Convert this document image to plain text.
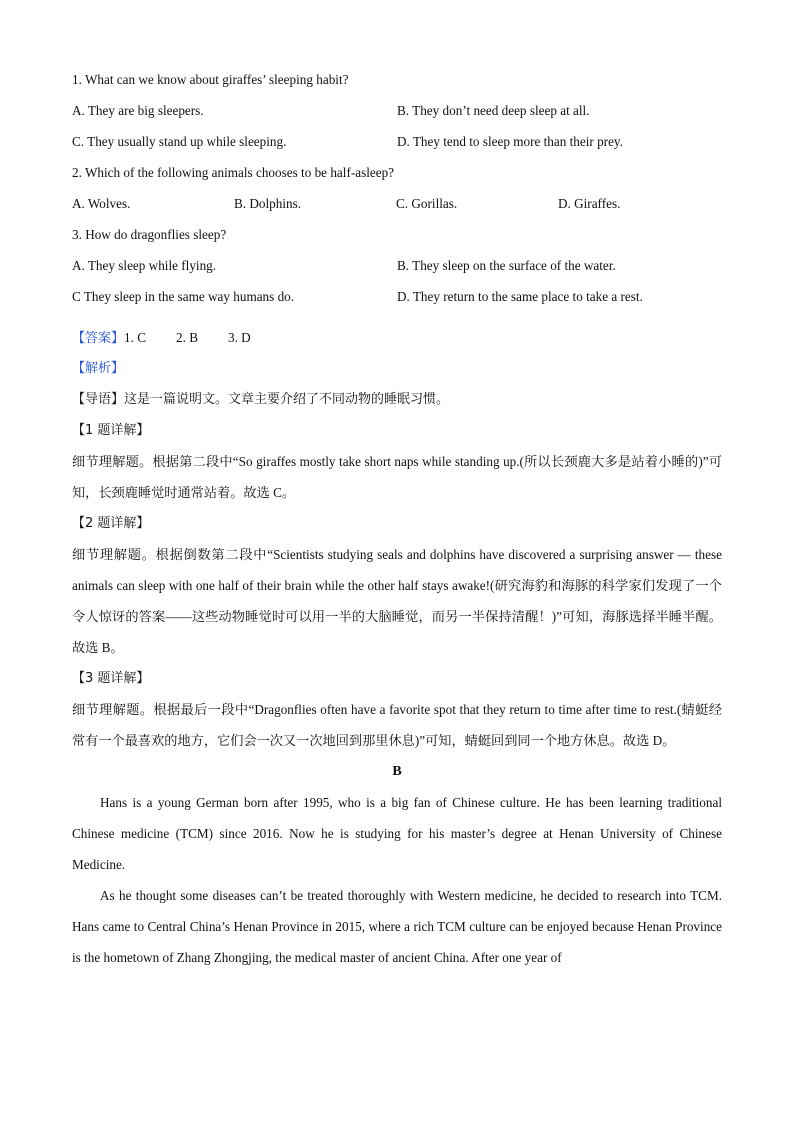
1. What can we know about giraffes’ sleeping habit?
A. They are big sleepers.	B. They don’t need deep sleep at all.
C. They usually stand up while sleeping.	D. They tend to sleep more than their prey.
2. Which of the following animals chooses to be half-asleep?
A. Wolves.	B. Dolphins.	C. Gorillas.	D. Giraffes.
3. How do dragonflies sleep?
A. They sleep while flying.	B. They sleep on the surface of the water.
C They sleep in the same way humans do.	D. They return to the same place to take a rest.
【答案】 1. C 2. B 3. D
【解析】
【导语】这是一篇说明文。文章主要介绍了不同动物的睡眠习惯。
【1 题详解】
细节理解题。根据第二段中“So giraffes mostly take short naps while standing up.(所以长颈鹿大多是站着小睡的)”可知，长颈鹿睡觉时通常站着。故选 C。
【2 题详解】
细节理解题。根据倒数第二段中“Scientists studying seals and dolphins have discovered a surprising answer — these animals can sleep with one half of their brain while the other half stays awake!(研究海豹和海豚的科学家们发现了一个令人惊讶的答案——这些动物睡觉时可以用一半的大脑睡觉，而另一半保持清醒！)”可知，海豚选择半睡半醒。故选 B。
【3 题详解】
细节理解题。根据最后一段中“Dragonflies often have a favorite spot that they return to time after time to rest.(蜻蜓经常有一个最喜欢的地方，它们会一次又一次地回到那里休息)”可知，蜻蜓回到同一个地方休息。故选 D。
B
Hans is a young German born after 1995, who is a big fan of Chinese culture. He has been learning traditional Chinese medicine (TCM) since 2016. Now he is studying for his master’s degree at Henan University of Chinese Medicine.
As he thought some diseases can’t be treated thoroughly with Western medicine, he decided to research into TCM. Hans came to Central China’s Henan Province in 2015, where a rich TCM culture can be enjoyed because Henan Province is the hometown of Zhang Zhongjing, the medical master of ancient China. After one year of
